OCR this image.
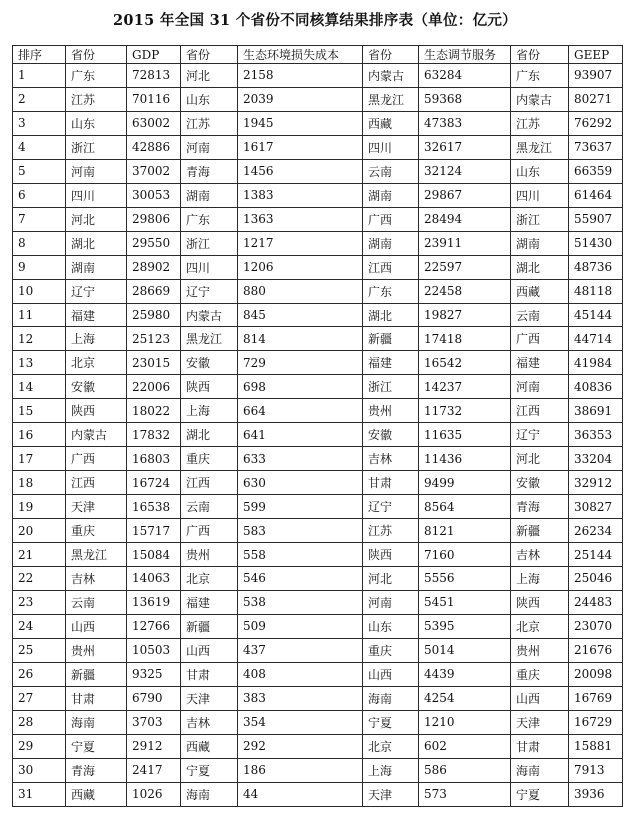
2015 年全国 31 个省份不同核算结果排序表（单位：亿元）
排序	省份	GDP	省份	生态环境损失成本	省份	生态调节服务	省份	GEEP
1	广东	72813	河北	2158	内蒙古	63284	广东	93907
2	江苏	70116	山东	2039	黑龙江	59368	内蒙古	80271
3	山东	63002	江苏	1945	西藏	47383	江苏	76292
4	浙江	42886	河南	1617	四川	32617	黑龙江	73637
5	河南	37002	青海	1456	云南	32124	山东	66359
6	四川	30053	湖南	1383	湖南	29867	四川	61464
7	河北	29806	广东	1363	广西	28494	浙江	55907
8	湖北	29550	浙江	1217	湖南	23911	湖南	51430
9	湖南	28902	四川	1206	江西	22597	湖北	48736
10	辽宁	28669	辽宁	880	广东	22458	西藏	48118
11	福建	25980	内蒙古	845	湖北	19827	云南	45144
12	上海	25123	黑龙江	814	新疆	17418	广西	44714
13	北京	23015	安徽	729	福建	16542	福建	41984
14	安徽	22006	陕西	698	浙江	14237	河南	40836
15	陕西	18022	上海	664	贵州	11732	江西	38691
16	内蒙古	17832	湖北	641	安徽	11635	辽宁	36353
17	广西	16803	重庆	633	吉林	11436	河北	33204
18	江西	16724	江西	630	甘肃	9499	安徽	32912
19	天津	16538	云南	599	辽宁	8564	青海	30827
20	重庆	15717	广西	583	江苏	8121	新疆	26234
21	黑龙江	15084	贵州	558	陕西	7160	吉林	25144
22	吉林	14063	北京	546	河北	5556	上海	25046
23	云南	13619	福建	538	河南	5451	陕西	24483
24	山西	12766	新疆	509	山东	5395	北京	23070
25	贵州	10503	山西	437	重庆	5014	贵州	21676
26	新疆	9325	甘肃	408	山西	4439	重庆	20098
27	甘肃	6790	天津	383	海南	4254	山西	16769
28	海南	3703	吉林	354	宁夏	1210	天津	16729
29	宁夏	2912	西藏	292	北京	602	甘肃	15881
30	青海	2417	宁夏	186	上海	586	海南	7913
31	西藏	1026	海南	44	天津	573	宁夏	3936
